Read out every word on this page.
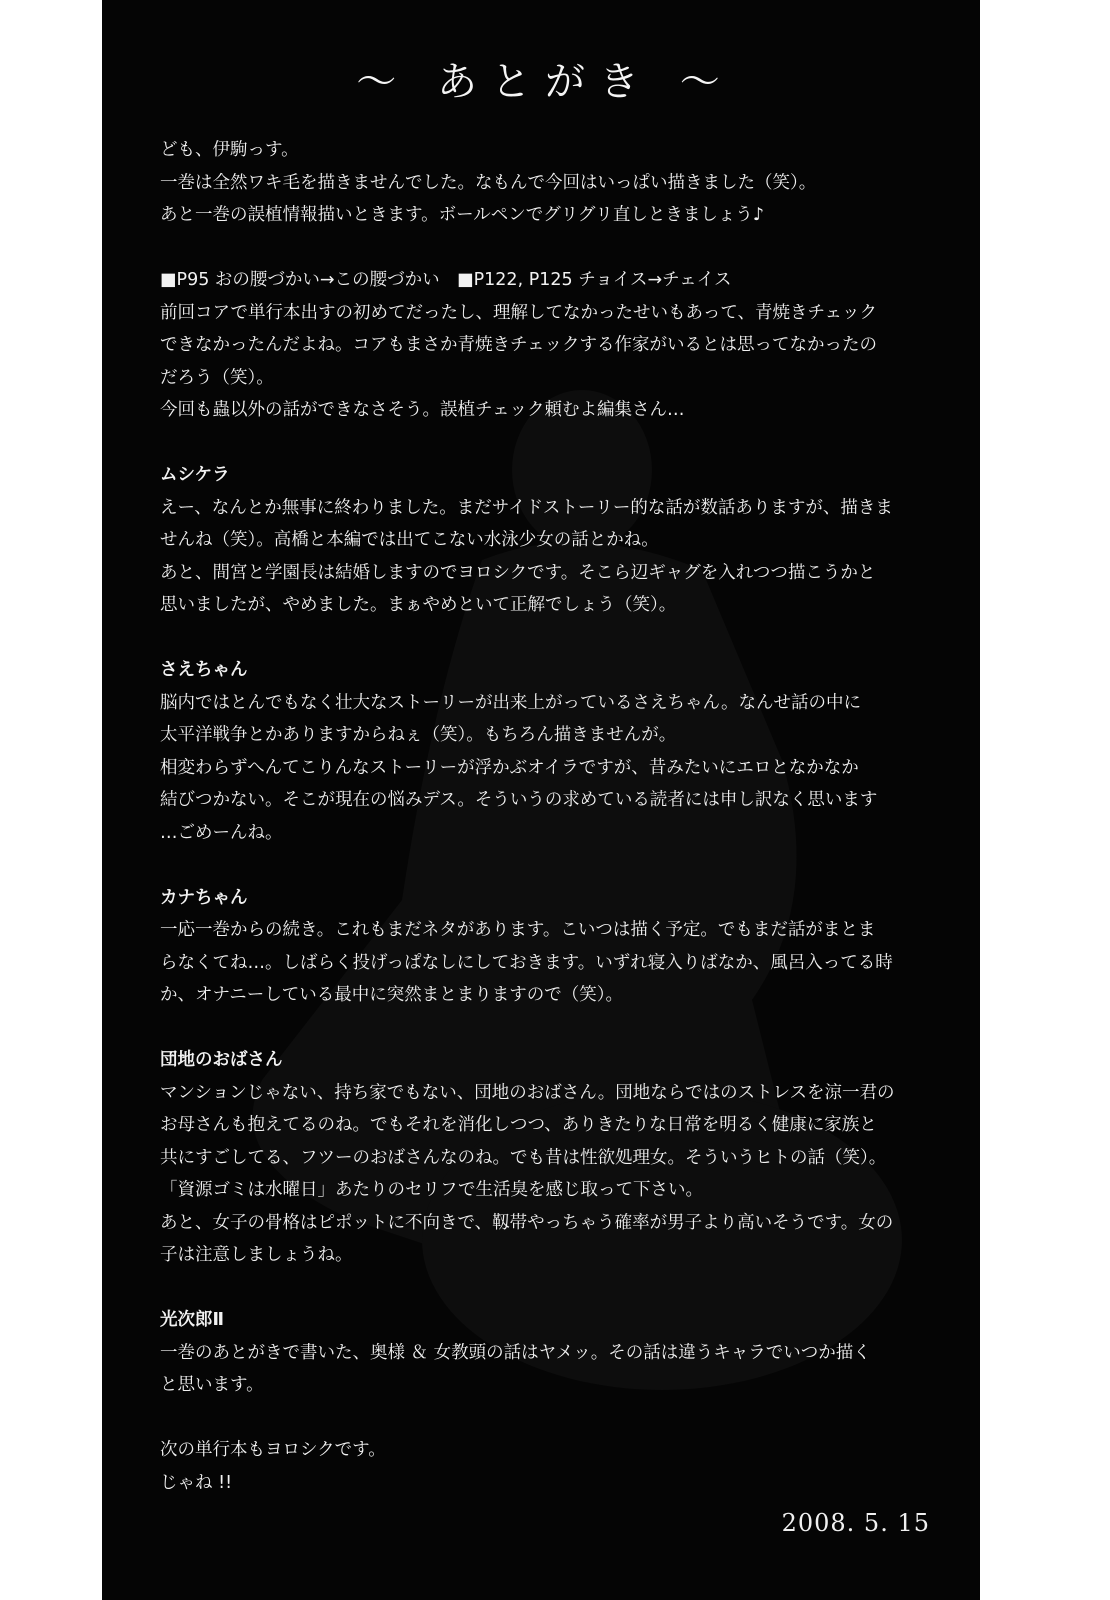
～ あとがき ～
ども、伊駒っす。
一巻は全然ワキ毛を描きませんでした。なもんで今回はいっぱい描きました（笑）。
あと一巻の誤植情報描いときます。ボールペンでグリグリ直しときましょう♪
■P95 おの腰づかい→この腰づかい　■P122, P125 チョイス→チェイス
前回コアで単行本出すの初めてだったし、理解してなかったせいもあって、青焼きチェック
できなかったんだよね。コアもまさか青焼きチェックする作家がいるとは思ってなかったの
だろう（笑）。
今回も蟲以外の話ができなさそう。誤植チェック頼むよ編集さん…
ムシケラ
えー、なんとか無事に終わりました。まだサイドストーリー的な話が数話ありますが、描きま
せんね（笑）。高橋と本編では出てこない水泳少女の話とかね。
あと、間宮と学園長は結婚しますのでヨロシクです。そこら辺ギャグを入れつつ描こうかと
思いましたが、やめました。まぁやめといて正解でしょう（笑）。
さえちゃん
脳内ではとんでもなく壮大なストーリーが出来上がっているさえちゃん。なんせ話の中に
太平洋戦争とかありますからねぇ（笑）。もちろん描きませんが。
相変わらずへんてこりんなストーリーが浮かぶオイラですが、昔みたいにエロとなかなか
結びつかない。そこが現在の悩みデス。そういうの求めている読者には申し訳なく思います
…ごめーんね。
カナちゃん
一応一巻からの続き。これもまだネタがあります。こいつは描く予定。でもまだ話がまとま
らなくてね…。しばらく投げっぱなしにしておきます。いずれ寝入りばなか、風呂入ってる時
か、オナニーしている最中に突然まとまりますので（笑）。
団地のおばさん
マンションじゃない、持ち家でもない、団地のおばさん。団地ならではのストレスを涼一君の
お母さんも抱えてるのね。でもそれを消化しつつ、ありきたりな日常を明るく健康に家族と
共にすごしてる、フツーのおばさんなのね。でも昔は性欲処理女。そういうヒトの話（笑）。
「資源ゴミは水曜日」あたりのセリフで生活臭を感じ取って下さい。
あと、女子の骨格はピポットに不向きで、靱帯やっちゃう確率が男子より高いそうです。女の
子は注意しましょうね。
光次郎Ⅱ
一巻のあとがきで書いた、奥様 ＆ 女教頭の話はヤメッ。その話は違うキャラでいつか描く
と思います。
次の単行本もヨロシクです。
じゃね !!
2008. 5. 15
